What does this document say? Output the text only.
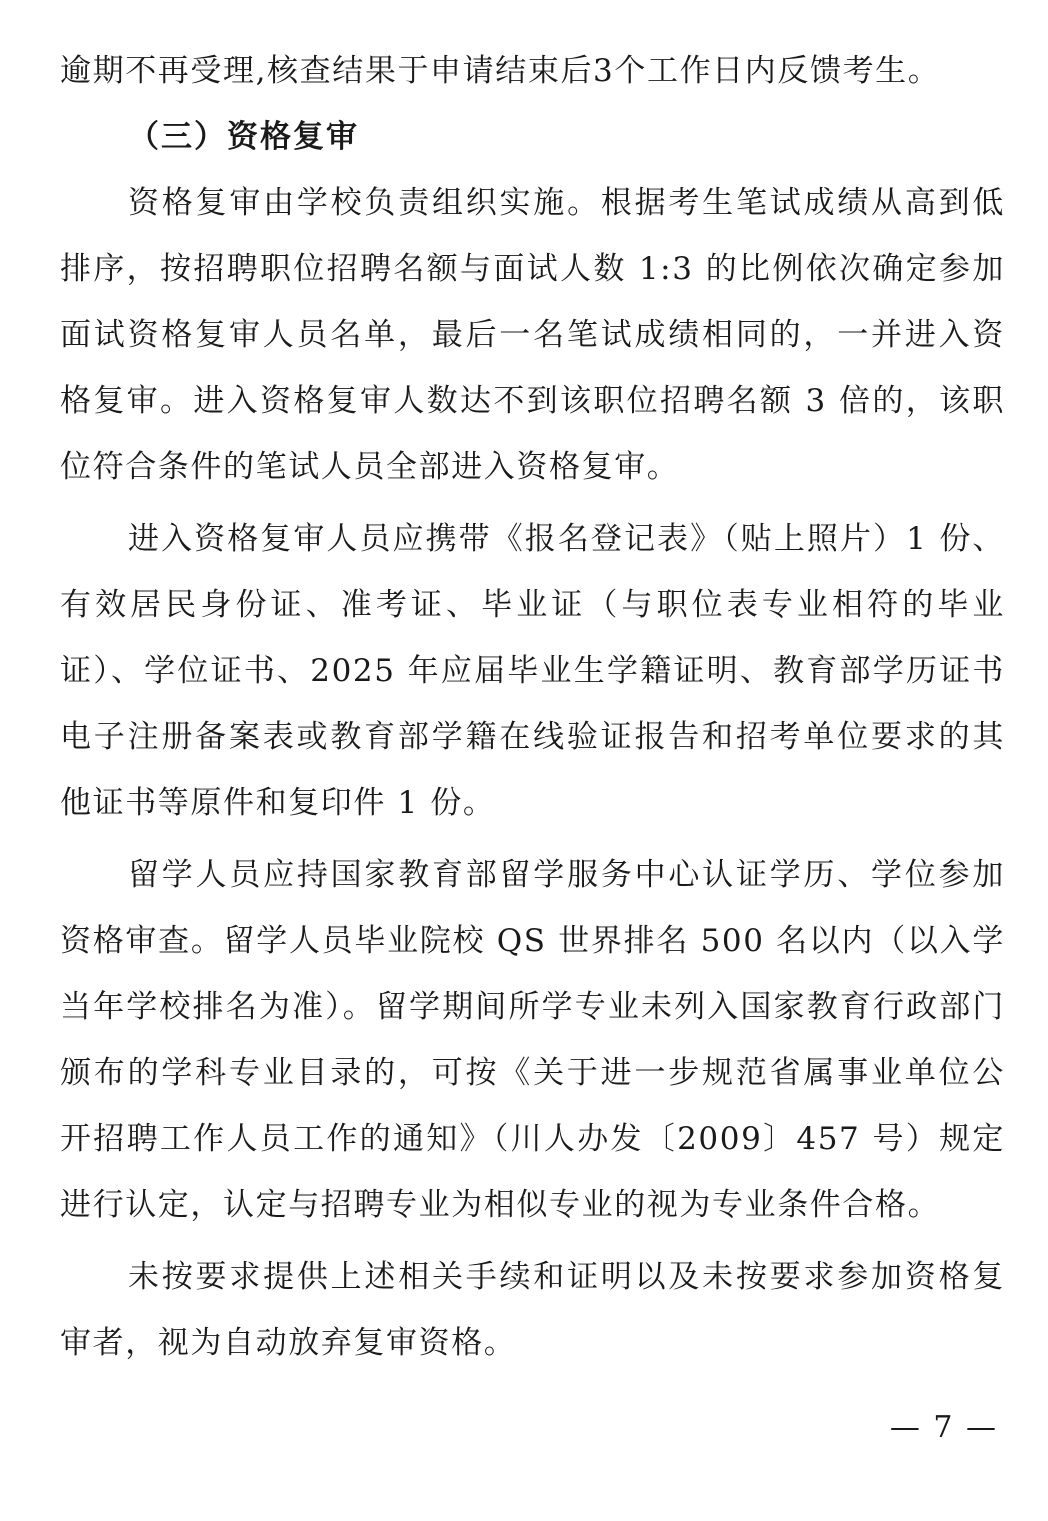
逾期不再受理,核查结果于申请结束后3个工作日内反馈考生。

（三）资格复审

资格复审由学校负责组织实施。根据考生笔试成绩从高到低排序，按招聘职位招聘名额与面试人数 1:3 的比例依次确定参加面试资格复审人员名单，最后一名笔试成绩相同的，一并进入资格复审。进入资格复审人数达不到该职位招聘名额 3 倍的，该职位符合条件的笔试人员全部进入资格复审。

进入资格复审人员应携带《报名登记表》（贴上照片）1 份、有效居民身份证、准考证、毕业证（与职位表专业相符的毕业证）、学位证书、2025 年应届毕业生学籍证明、教育部学历证书电子注册备案表或教育部学籍在线验证报告和招考单位要求的其他证书等原件和复印件 1 份。

留学人员应持国家教育部留学服务中心认证学历、学位参加资格审查。留学人员毕业院校 QS 世界排名 500 名以内（以入学当年学校排名为准）。留学期间所学专业未列入国家教育行政部门颁布的学科专业目录的，可按《关于进一步规范省属事业单位公开招聘工作人员工作的通知》（川人办发〔2009〕457 号）规定进行认定，认定与招聘专业为相似专业的视为专业条件合格。

未按要求提供上述相关手续和证明以及未按要求参加资格复审者，视为自动放弃复审资格。

— 7 —
